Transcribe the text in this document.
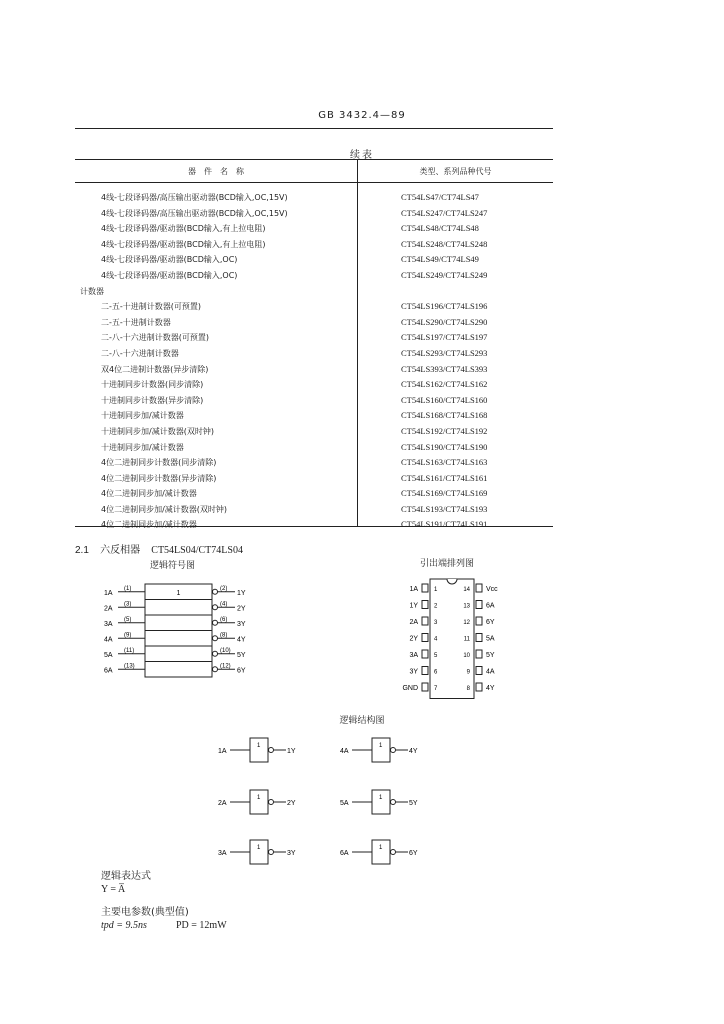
GB 3432.4—89
续表
器　件　名　称	类型、系列品种代号
4线-七段译码器/高压输出驱动器(BCD输入,OC,15V)	CT54LS47/CT74LS47
4线-七段译码器/高压输出驱动器(BCD输入,OC,15V)	CT54LS247/CT74LS247
4线-七段译码器/驱动器(BCD输入,有上拉电阻)	CT54LS48/CT74LS48
4线-七段译码器/驱动器(BCD输入,有上拉电阻)	CT54LS248/CT74LS248
4线-七段译码器/驱动器(BCD输入,OC)	CT54LS49/CT74LS49
4线-七段译码器/驱动器(BCD输入,OC)	CT54LS249/CT74LS249
计数器	
二-五-十进制计数器(可预置)	CT54LS196/CT74LS196
二-五-十进制计数器	CT54LS290/CT74LS290
二-八-十六进制计数器(可预置)	CT54LS197/CT74LS197
二-八-十六进制计数器	CT54LS293/CT74LS293
双4位二进制计数器(异步清除)	CT54LS393/CT74LS393
十进制同步计数器(同步清除)	CT54LS162/CT74LS162
十进制同步计数器(异步清除)	CT54LS160/CT74LS160
十进制同步加/减计数器	CT54LS168/CT74LS168
十进制同步加/减计数器(双时钟)	CT54LS192/CT74LS192
十进制同步加/减计数器	CT54LS190/CT74LS190
4位二进制同步计数器(同步清除)	CT54LS163/CT74LS163
4位二进制同步计数器(异步清除)	CT54LS161/CT74LS161
4位二进制同步加/减计数器	CT54LS169/CT74LS169
4位二进制同步加/减计数器(双时钟)	CT54LS193/CT74LS193
4位二进制同步加/减计数器	CT54LS191/CT74LS191
2.1 六反相器 CT54LS04/CT74LS04
逻辑符号图	引出端排列图
1A
(1)	(2)
1Y
2A
(3)	(4)
2Y
3A
(5)	(6)
3Y
4A
(9)	(8)
4Y
5A
(11)	(10)
5Y
6A
(13)	(12)
6Y
1
1A	1	14 Vcc
1Y	2	13 6A
2A	3	12 6Y
2Y	4	11 5A
3A	5	10 5Y
3Y	6	9 4A
GND	7	8 4Y
逻辑结构图
1A
1
1Y	4A
1
4Y
2A
1
2Y	5A
1
5Y
3A
1
3Y	6A
1
6Y
逻辑表达式
Y = A̅
主要电参数(典型值)
tpd = 9.5ns	PD = 12mW
